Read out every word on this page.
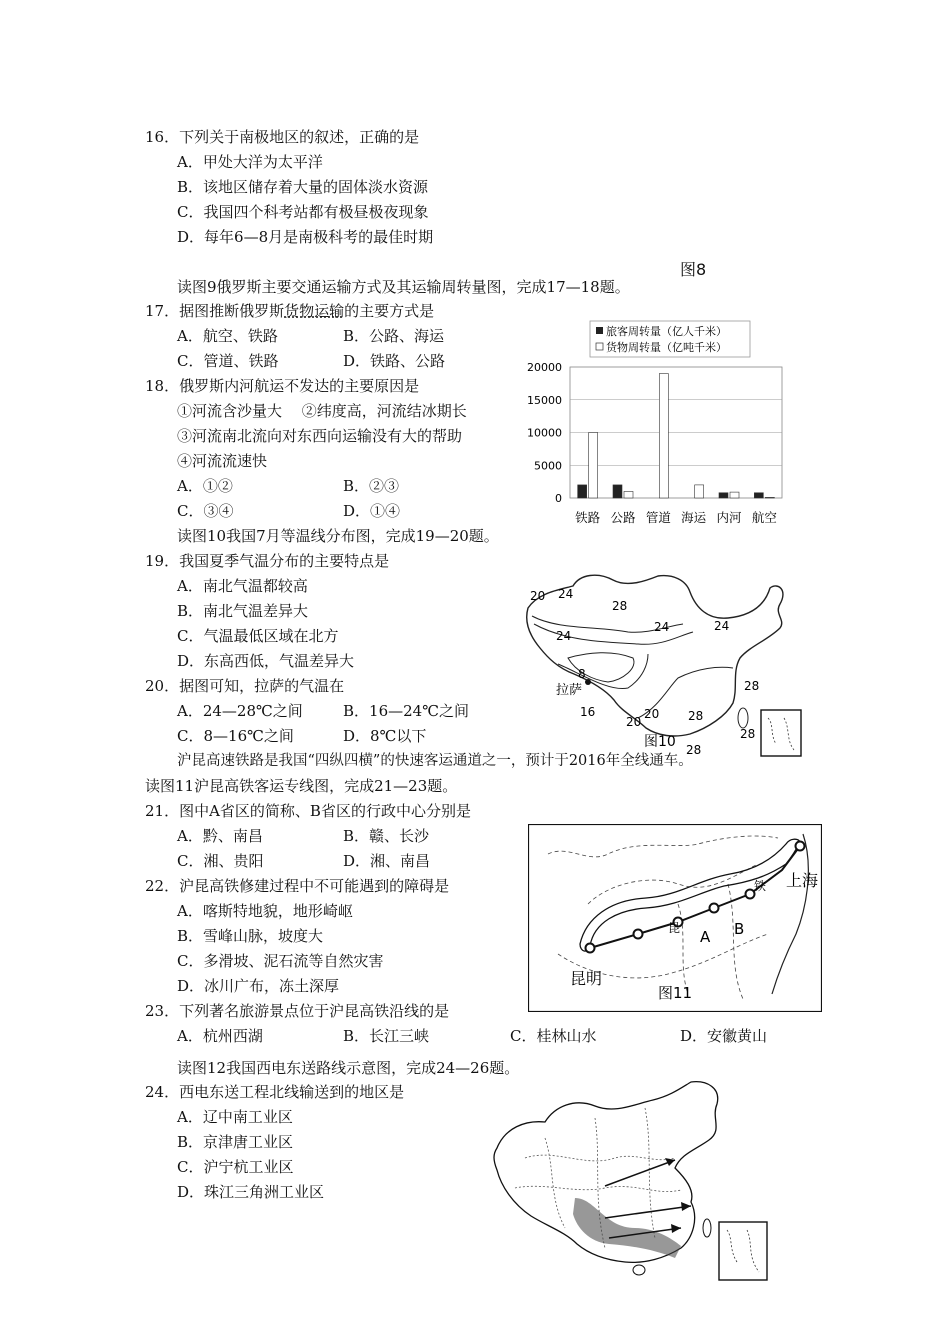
16．下列关于南极地区的叙述，正确的是
A．甲处大洋为太平洋
B．该地区储存着大量的固体淡水资源
C．我国四个科考站都有极昼极夜现象
D．每年6—8月是南极科考的最佳时期
图8
读图9俄罗斯主要交通运输方式及其运输周转量图，完成17—18题。
17．据图推断俄罗斯货物运输的主要方式是
A．航空、铁路	B．公路、海运
C．管道、铁路	D．铁路、公路
18．俄罗斯内河航运不发达的主要原因是
①河流含沙量大　 ②纬度高，河流结冰期长
③河流南北流向对东西向运输没有大的帮助
④河流流速快
A．①②	B．②③
C．③④	D．①④
读图10我国7月等温线分布图，完成19—20题。
19．我国夏季气温分布的主要特点是
A．南北气温都较高
B．南北气温差异大
C．气温最低区域在北方
D．东高西低，气温差异大
20．据图可知，拉萨的气温在
A．24—28℃之间	B．16—24℃之间
C．8—16℃之间	D．8℃以下
沪昆高速铁路是我国“四纵四横”的快速客运通道之一，预计于2016年全线通车。
读图11沪昆高铁客运专线图，完成21—23题。
21．图中A省区的简称、B省区的行政中心分别是
A．黔、南昌	B．赣、长沙
C．湘、贵阳	D．湘、南昌
22．沪昆高铁修建过程中不可能遇到的障碍是
A．喀斯特地貌，地形崎岖
B．雪峰山脉，坡度大
C．多滑坡、泥石流等自然灾害
D．冰川广布，冻土深厚
23．下列著名旅游景点位于沪昆高铁沿线的是
A．杭州西湖	B．长江三峡	C．桂林山水	D．安徽黄山
读图12我国西电东送路线示意图，完成24—26题。
24．西电东送工程北线输送到的地区是
A．辽中南工业区
B．京津唐工业区
C．沪宁杭工业区
D．珠江三角洲工业区
旅客周转量（亿人千米）
货物周转量（亿吨千米）
0
5000
10000
15000
20000
铁路 公路 管道 海运 内河 航空
20 24
28
24
24	24
8
拉萨
16
28
20
20 28
28
28
图10
上海
A B
昆明
铁
昆
图11
